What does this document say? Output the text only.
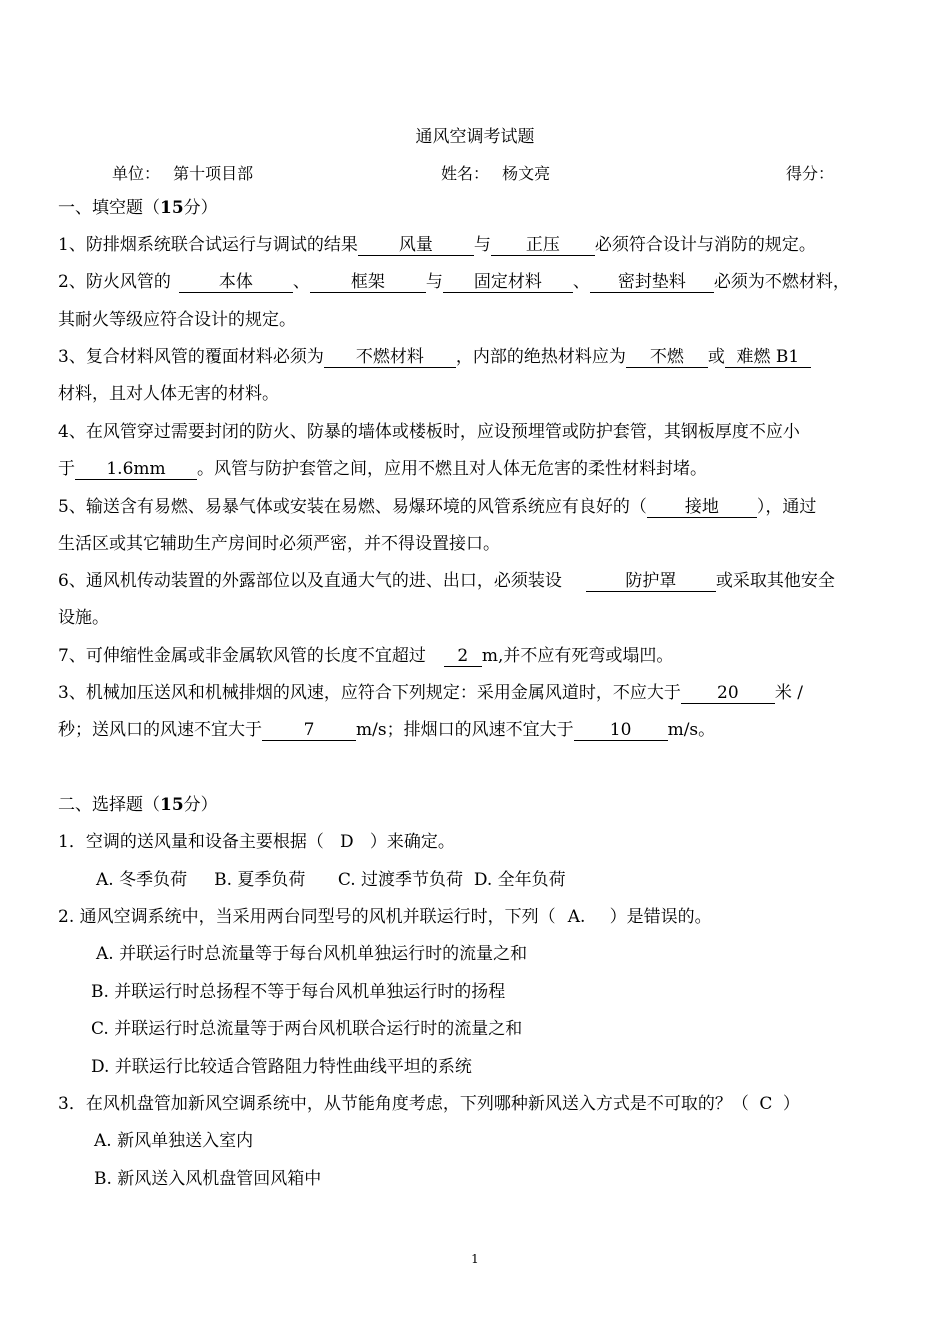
通风空调考试题
单位： 第十项目部	姓名： 杨文亮	得分：
一、填空题（15分）
1、防排烟系统联合试运行与调试的结果 风量 与 正压 必须符合设计与消防的规定。
2、防火风管的	本体 、 框架 与 固定材料 、 密封垫料 必须为不燃材料，
其耐火等级应符合设计的规定。
3、复合材料风管的覆面材料必须为 不燃材料 ，内部的绝热材料应为 不燃 或 难燃 B1
材料，且对人体无害的材料。
4、在风管穿过需要封闭的防火、防暴的墙体或楼板时，应设预埋管或防护套管，其钢板厚度不应小
于 1.6mm 。风管与防护套管之间，应用不燃且对人体无危害的柔性材料封堵。
5、输送含有易燃、易暴气体或安装在易燃、易爆环境的风管系统应有良好的（ 接地 ），通过
生活区或其它辅助生产房间时必须严密，并不得设置接口。
6、通风机传动装置的外露部位以及直通大气的进、出口，必须装设	防护罩 或采取其他安全
设施。
7、可伸缩性金属或非金属软风管的长度不宜超过 2 m,并不应有死弯或塌凹。
3、机械加压送风和机械排烟的风速，应符合下列规定：采用金属风道时，不应大于 20 米 /
秒；送风口的风速不宜大于 7 m/s；排烟口的风速不宜大于 10 m/s。
二、选择题（15分）
1．空调的送风量和设备主要根据（ D ）来确定。
A. 冬季负荷     B. 夏季负荷      C. 过渡季节负荷  D. 全年负荷
2. 通风空调系统中，当采用两台同型号的风机并联运行时，下列（ A. ）是错误的。
A. 并联运行时总流量等于每台风机单独运行时的流量之和
B. 并联运行时总扬程不等于每台风机单独运行时的扬程
C. 并联运行时总流量等于两台风机联合运行时的流量之和
D. 并联运行比较适合管路阻力特性曲线平坦的系统
3．在风机盘管加新风空调系统中，从节能角度考虑，下列哪种新风送入方式是不可取的？（ C ）
A. 新风单独送入室内
B. 新风送入风机盘管回风箱中
1
